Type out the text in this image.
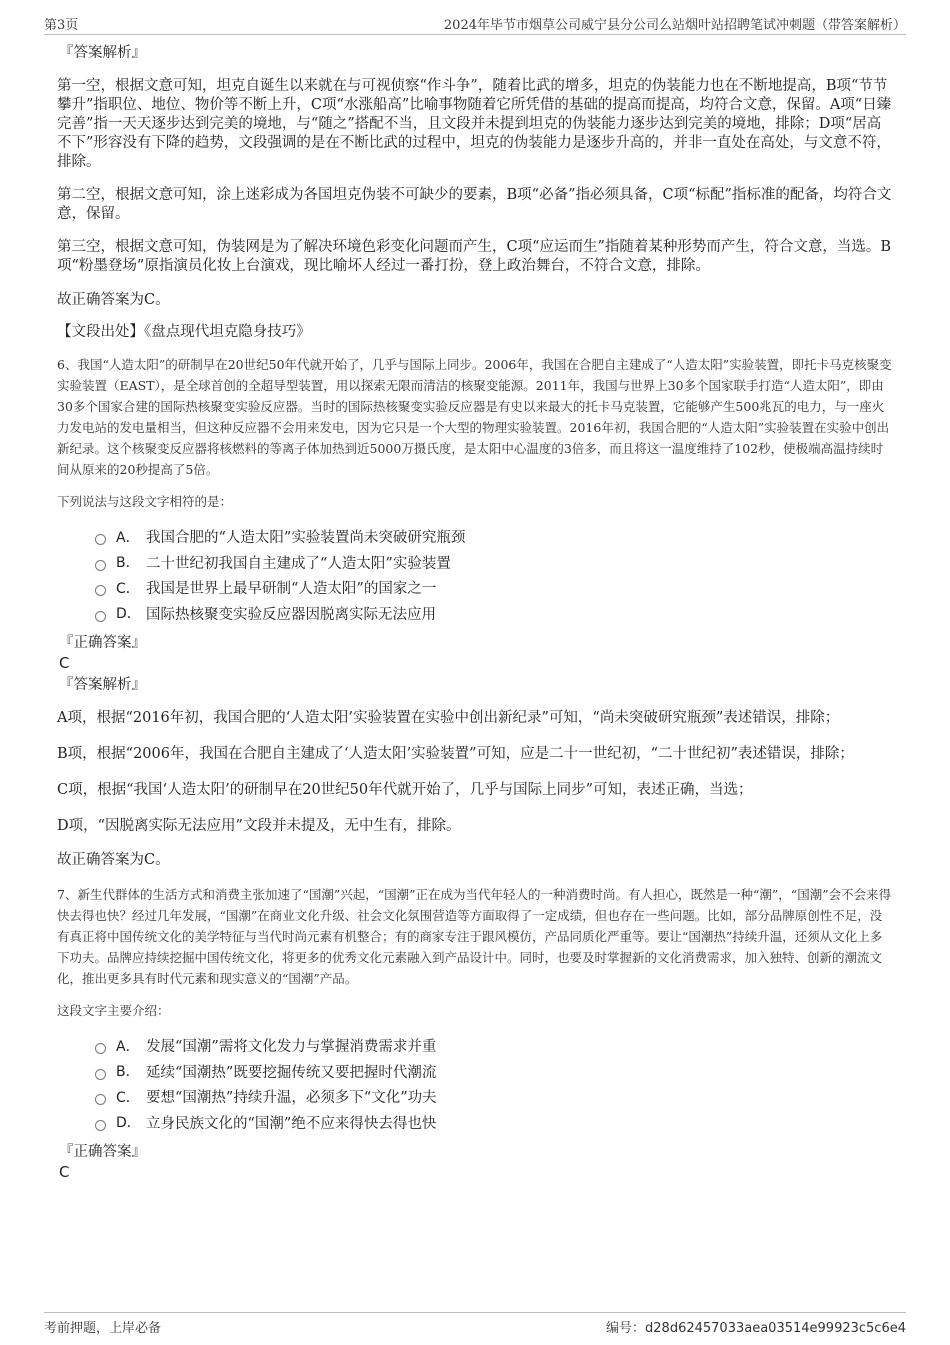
第3页	2024年毕节市烟草公司威宁县分公司么站烟叶站招聘笔试冲刺题（带答案解析）
『答案解析』

第一空，根据文意可知，坦克自诞生以来就在与可视侦察“作斗争”，随着比武的增多，坦克的伪装能力也在不断地提高，B项“节节攀升”指职位、地位、物价等不断上升，C项“水涨船高”比喻事物随着它所凭借的基础的提高而提高，均符合文意，保留。A项“日臻完善”指一天天逐步达到完美的境地，与“随之”搭配不当，且文段并未提到坦克的伪装能力逐步达到完美的境地，排除；D项“居高不下”形容没有下降的趋势，文段强调的是在不断比武的过程中，坦克的伪装能力是逐步升高的，并非一直处在高处，与文意不符，排除。

第二空，根据文意可知，涂上迷彩成为各国坦克伪装不可缺少的要素，B项“必备”指必须具备，C项“标配”指标准的配备，均符合文意，保留。

第三空，根据文意可知，伪装网是为了解决环境色彩变化问题而产生，C项“应运而生”指随着某种形势而产生，符合文意，当选。B项“粉墨登场”原指演员化妆上台演戏，现比喻坏人经过一番打扮，登上政治舞台，不符合文意，排除。

故正确答案为C。

【文段出处】《盘点现代坦克隐身技巧》

6、我国“人造太阳”的研制早在20世纪50年代就开始了，几乎与国际上同步。2006年，我国在合肥自主建成了“人造太阳”实验装置，即托卡马克核聚变实验装置（EAST），是全球首创的全超导型装置，用以探索无限而清洁的核聚变能源。2011年，我国与世界上30多个国家联手打造“人造太阳”，即由30多个国家合建的国际热核聚变实验反应器。当时的国际热核聚变实验反应器是有史以来最大的托卡马克装置，它能够产生500兆瓦的电力，与一座火力发电站的发电量相当，但这种反应器不会用来发电，因为它只是一个大型的物理实验装置。2016年初，我国合肥的“人造太阳”实验装置在实验中创出新纪录。这个核聚变反应器将核燃料的等离子体加热到近5000万摄氏度，是太阳中心温度的3倍多，而且将这一温度维持了102秒，使极端高温持续时间从原来的20秒提高了5倍。

下列说法与这段文字相符的是：

A． 我国合肥的“人造太阳”实验装置尚未突破研究瓶颈
B． 二十世纪初我国自主建成了“人造太阳”实验装置
C． 我国是世界上最早研制“人造太阳”的国家之一
D． 国际热核聚变实验反应器因脱离实际无法应用
『正确答案』
C
『答案解析』

A项，根据“2016年初，我国合肥的‘人造太阳’实验装置在实验中创出新纪录”可知，“尚未突破研究瓶颈”表述错误，排除；

B项，根据“2006年，我国在合肥自主建成了‘人造太阳’实验装置”可知，应是二十一世纪初，“二十世纪初”表述错误，排除；

C项，根据“我国‘人造太阳’的研制早在20世纪50年代就开始了，几乎与国际上同步”可知，表述正确，当选；

D项，“因脱离实际无法应用”文段并未提及，无中生有，排除。

故正确答案为C。

7、新生代群体的生活方式和消费主张加速了“国潮”兴起，“国潮”正在成为当代年轻人的一种消费时尚。有人担心，既然是一种“潮”，“国潮”会不会来得快去得也快？经过几年发展，“国潮”在商业文化升级、社会文化氛围营造等方面取得了一定成绩，但也存在一些问题。比如，部分品牌原创性不足，没有真正将中国传统文化的美学特征与当代时尚元素有机整合；有的商家专注于跟风模仿，产品同质化严重等。要让“国潮热”持续升温，还须从文化上多下功夫。品牌应持续挖掘中国传统文化，将更多的优秀文化元素融入到产品设计中。同时，也要及时掌握新的文化消费需求，加入独特、创新的潮流文化，推出更多具有时代元素和现实意义的“国潮”产品。

这段文字主要介绍：

A． 发展“国潮”需将文化发力与掌握消费需求并重
B． 延续“国潮热”既要挖掘传统又要把握时代潮流
C． 要想“国潮热”持续升温，必须多下“文化”功夫
D． 立身民族文化的“国潮”绝不应来得快去得也快
『正确答案』
C
考前押题，上岸必备	编号：d28d62457033aea03514e99923c5c6e4
